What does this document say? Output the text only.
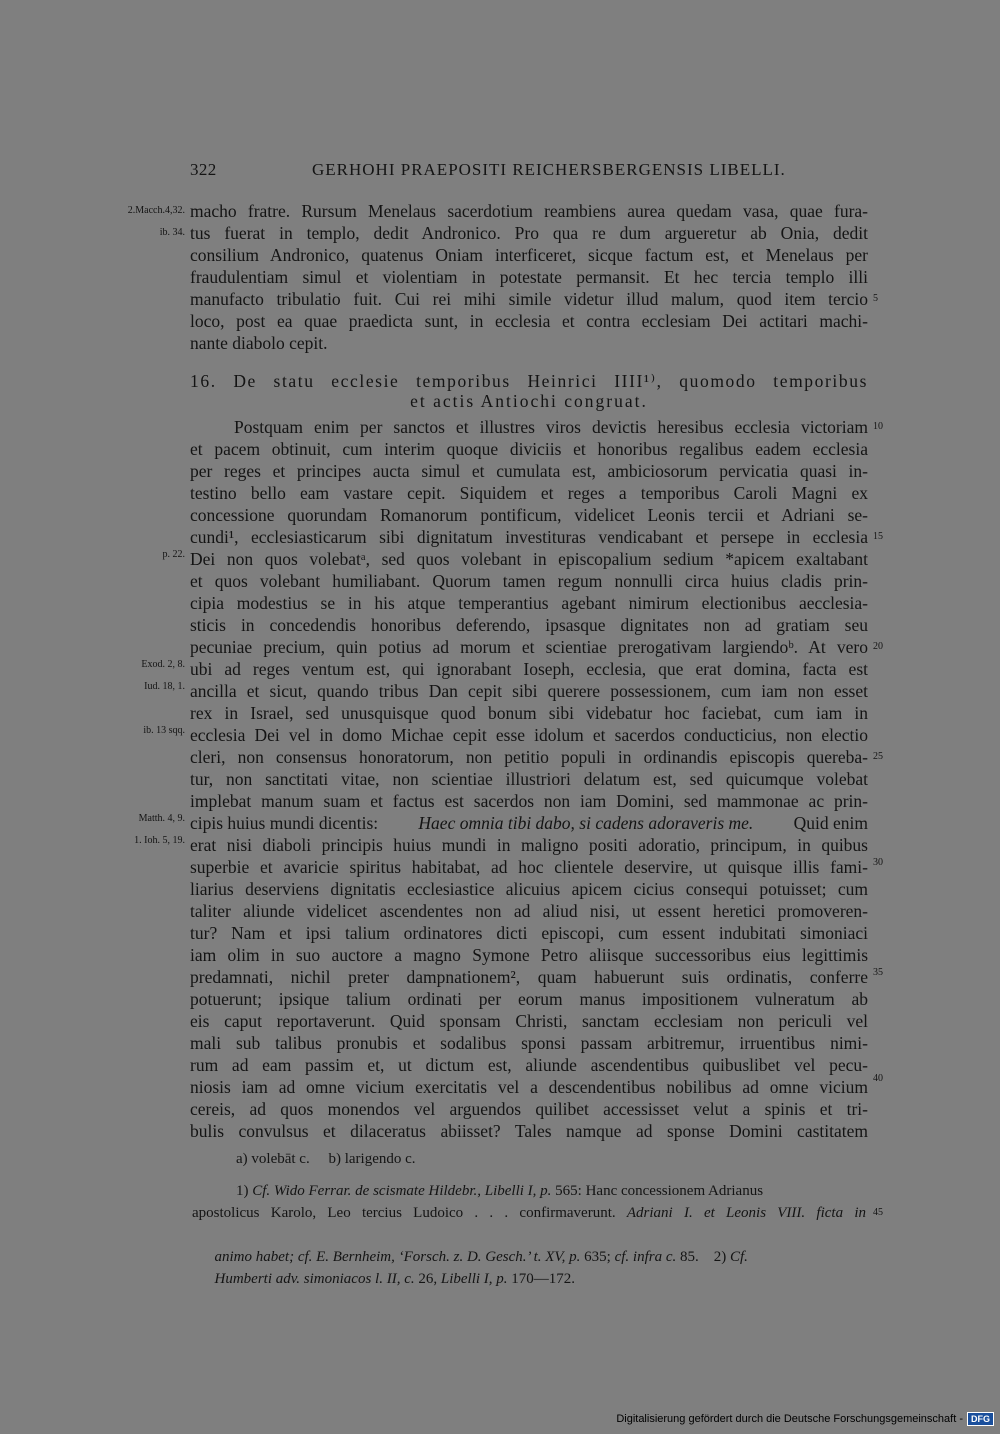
322	GERHOHI PRAEPOSITI REICHERSBERGENSIS LIBELLI.
macho fratre. Rursum Menelaus sacerdotium reambiens aurea quedam vasa, quae fura-
tus fuerat in templo, dedit Andronico. Pro qua re dum argueretur ab Onia, dedit
consilium Andronico, quatenus Oniam interficeret, sicque factum est, et Menelaus per
fraudulentiam simul et violentiam in potestate permansit. Et hec tercia templo illi
manufacto tribulatio fuit. Cui rei mihi simile videtur illud malum, quod item tercio
loco, post ea quae praedicta sunt, in ecclesia et contra ecclesiam Dei actitari machi-
nante diabolo cepit.
2.Macch.4,32.
ib. 34.
5
16. De statu ecclesie temporibus Heinrici IIII¹⁾, quomodo temporibus
et actis Antiochi congruat.
Postquam enim per sanctos et illustres viros devictis heresibus ecclesia victoriam
et pacem obtinuit, cum interim quoque diviciis et honoribus regalibus eadem ecclesia
per reges et principes aucta simul et cumulata est, ambiciosorum pervicatia quasi in-
testino bello eam vastare cepit. Siquidem et reges a temporibus Caroli Magni ex
concessione quorundam Romanorum pontificum, videlicet Leonis tercii et Adriani se-
cundi¹, ecclesiasticarum sibi dignitatum investituras vendicabant et persepe in ecclesia
Dei non quos volebatᵃ, sed quos volebant in episcopalium sedium *apicem exaltabant
et quos volebant humiliabant. Quorum tamen regum nonnulli circa huius cladis prin-
cipia modestius se in his atque temperantius agebant nimirum electionibus aecclesia-
sticis in concedendis honoribus deferendo, ipsasque dignitates non ad gratiam seu
pecuniae precium, quin potius ad morum et scientiae prerogativam largiendoᵇ. At vero
ubi ad reges ventum est, qui ignorabant Ioseph, ecclesia, que erat domina, facta est
ancilla et sicut, quando tribus Dan cepit sibi querere possessionem, cum iam non esset
rex in Israel, sed unusquisque quod bonum sibi videbatur hoc faciebat, cum iam in
ecclesia Dei vel in domo Michae cepit esse idolum et sacerdos conducticius, non electio
cleri, non consensus honoratorum, non petitio populi in ordinandis episcopis querеba-
tur, non sanctitati vitae, non scientiae illustriori delatum est, sed quicumque volebat
implebat manum suam et factus est sacerdos non iam Domini, sed mammonae ac prin-
cipis huius mundi dicentis: Haec omnia tibi dabo, si cadens adoraveris me. Quid enim
erat nisi diaboli principis huius mundi in maligno positi adoratio, principum, in quibus
superbie et avaricie spiritus habitabat, ad hoc clientele deservire, ut quisque illis fami-
liarius deserviens dignitatis ecclesiastice alicuius apicem cicius consequi potuisset; cum
taliter aliunde videlicet ascendentes non ad aliud nisi, ut essent heretici promoveren-
tur? Nam et ipsi talium ordinatores dicti episcopi, cum essent indubitati simoniaci
iam olim in suo auctore a magno Symone Petro aliisque successoribus eius legittimis
predamnati, nichil preter dampnationem², quam habuerunt suis ordinatis, conferre
potuerunt; ipsique talium ordinati per eorum manus impositionem vulneratum ab
eis caput reportaverunt. Quid sponsam Christi, sanctam ecclesiam non periculi vel
mali sub talibus pronubis et sodalibus sponsi passam arbitremur, irruentibus nimi-
rum ad eam passim et, ut dictum est, aliunde ascendentibus quibuslibet vel pecu-
niosis iam ad omne vicium exercitatis vel a descendentibus nobilibus ad omne vicium
cereis, ad quos monendos vel arguendos quilibet accessisset velut a spinis et tri-
bulis convulsus et dilaceratus abiisset? Tales namque ad sponse Domini castitatem
p. 22.
Exod. 2, 8.
Iud. 18, 1.
ib. 13 sqq.
Matth. 4, 9.
1. Ioh. 5, 19.
10
15
20
25
30
35
40
45
a) volebāt c.     b) larigendo c.
1) Cf. Wido Ferrar. de scismate Hildebr., Libelli I, p. 565: Hanc concessionem Adrianus
apostolicus Karolo, Leo tercius Ludoico . . . confirmaverunt. Adriani I. et Leonis VIII. ficta in

animo habet; cf. E. Bernheim, ‘Forsch. z. D. Gesch.’ t. XV, p. 635; cf. infra c. 85.    2) Cf.

Humberti adv. simoniacos l. II, c. 26, Libelli I, p. 170—172.

Digitalisierung gefördert durch die Deutsche Forschungsgemeinschaft - DFG
